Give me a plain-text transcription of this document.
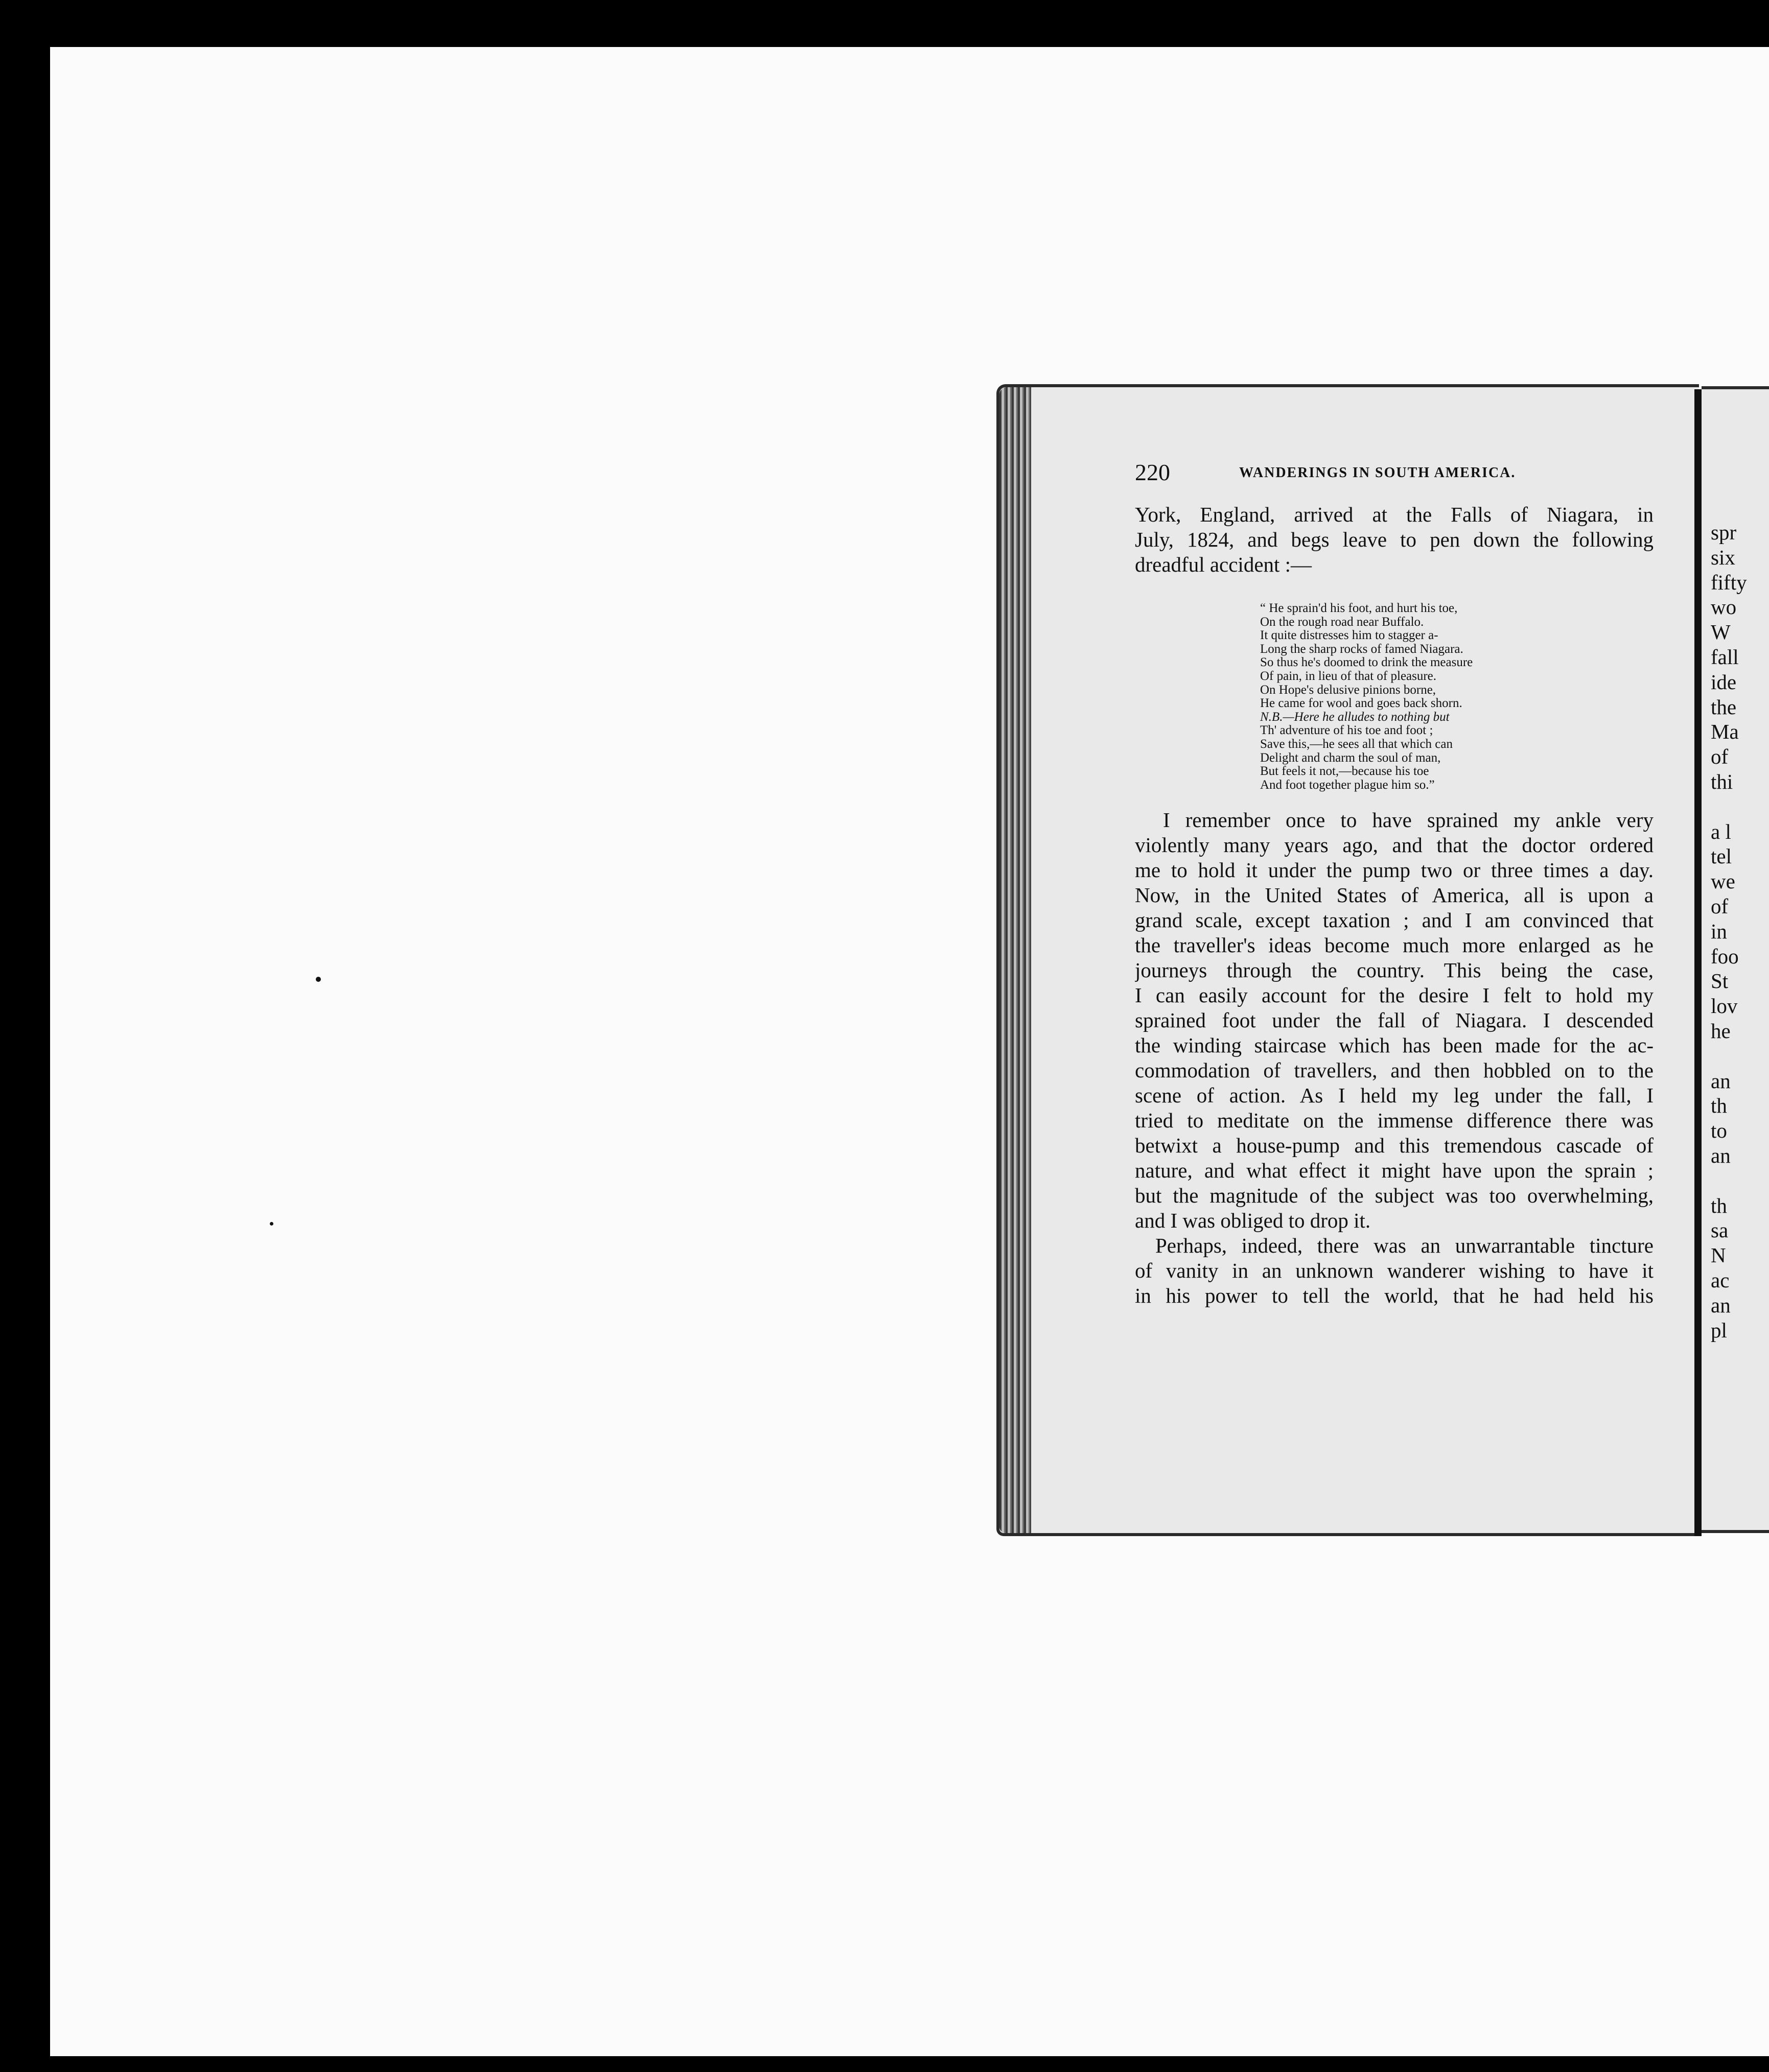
220	WANDERINGS IN SOUTH AMERICA.
York, England, arrived at the Falls of Niagara, in
July, 1824, and begs leave to pen down the following
dreadful accident :—
“ He sprain'd his foot, and hurt his toe,
On the rough road near Buffalo.
It quite distresses him to stagger a-
Long the sharp rocks of famed Niagara.
So thus he's doomed to drink the measure
Of pain, in lieu of that of pleasure.
On Hope's delusive pinions borne,
He came for wool and goes back shorn.
N.B.—Here he alludes to nothing but
Th' adventure of his toe and foot ;
Save this,—he sees all that which can
Delight and charm the soul of man,
But feels it not,—because his toe
And foot together plague him so.”
I remember once to have sprained my ankle very
violently many years ago, and that the doctor ordered
me to hold it under the pump two or three times a day.
Now, in the United States of America, all is upon a
grand scale, except taxation ; and I am convinced that
the traveller's ideas become much more enlarged as he
journeys through the country. This being the case,
I can easily account for the desire I felt to hold my
sprained foot under the fall of Niagara. I descended
the winding staircase which has been made for the ac-
commodation of travellers, and then hobbled on to the
scene of action. As I held my leg under the fall, I
tried to meditate on the immense difference there was
betwixt a house-pump and this tremendous cascade of
nature, and what effect it might have upon the sprain ;
but the magnitude of the subject was too overwhelming,
and I was obliged to drop it.
Perhaps, indeed, there was an unwarrantable tincture
of vanity in an unknown wanderer wishing to have it
in his power to tell the world, that he had held his
spr
six
fifty
wo
W
fall
ide
the
Ma
of
thi
a l
tel
we
of
in
foo
St
lov
he
an
th
to
an
th
sa
N
ac
an
pl
